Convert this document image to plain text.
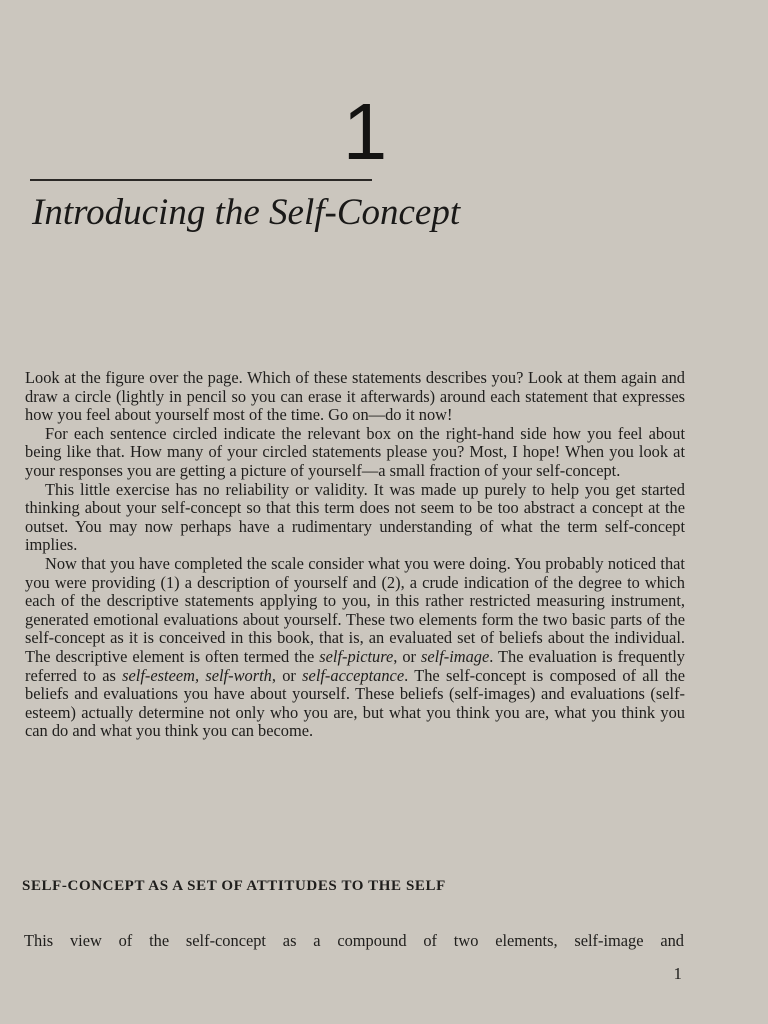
1
Introducing the Self-Concept

Look at the figure over the page. Which of these statements describes you? Look at them again and draw a circle (lightly in pencil so you can erase it afterwards) around each statement that expresses how you feel about yourself most of the time. Go on—do it now!

For each sentence circled indicate the relevant box on the right-hand side how you feel about being like that. How many of your circled statements please you? Most, I hope! When you look at your responses you are getting a picture of yourself—a small fraction of your self-concept.

This little exercise has no reliability or validity. It was made up purely to help you get started thinking about your self-concept so that this term does not seem to be too abstract a concept at the outset. You may now perhaps have a rudimentary understanding of what the term self-concept implies.

Now that you have completed the scale consider what you were doing. You probably noticed that you were providing (1) a description of yourself and (2), a crude indication of the degree to which each of the descriptive statements applying to you, in this rather restricted measuring instrument, generated emotional evaluations about yourself. These two elements form the two basic parts of the self-concept as it is conceived in this book, that is, an evaluated set of beliefs about the individual. The descriptive element is often termed the self-picture, or self-image. The evaluation is frequently referred to as self-esteem, self-worth, or self-acceptance. The self-concept is composed of all the beliefs and evaluations you have about yourself. These beliefs (self-images) and evaluations (self-esteem) actually determine not only who you are, but what you think you are, what you think you can do and what you think you can become.

SELF-CONCEPT AS A SET OF ATTITUDES TO THE SELF
This view of the self-concept as a compound of two elements, self-image and
1
